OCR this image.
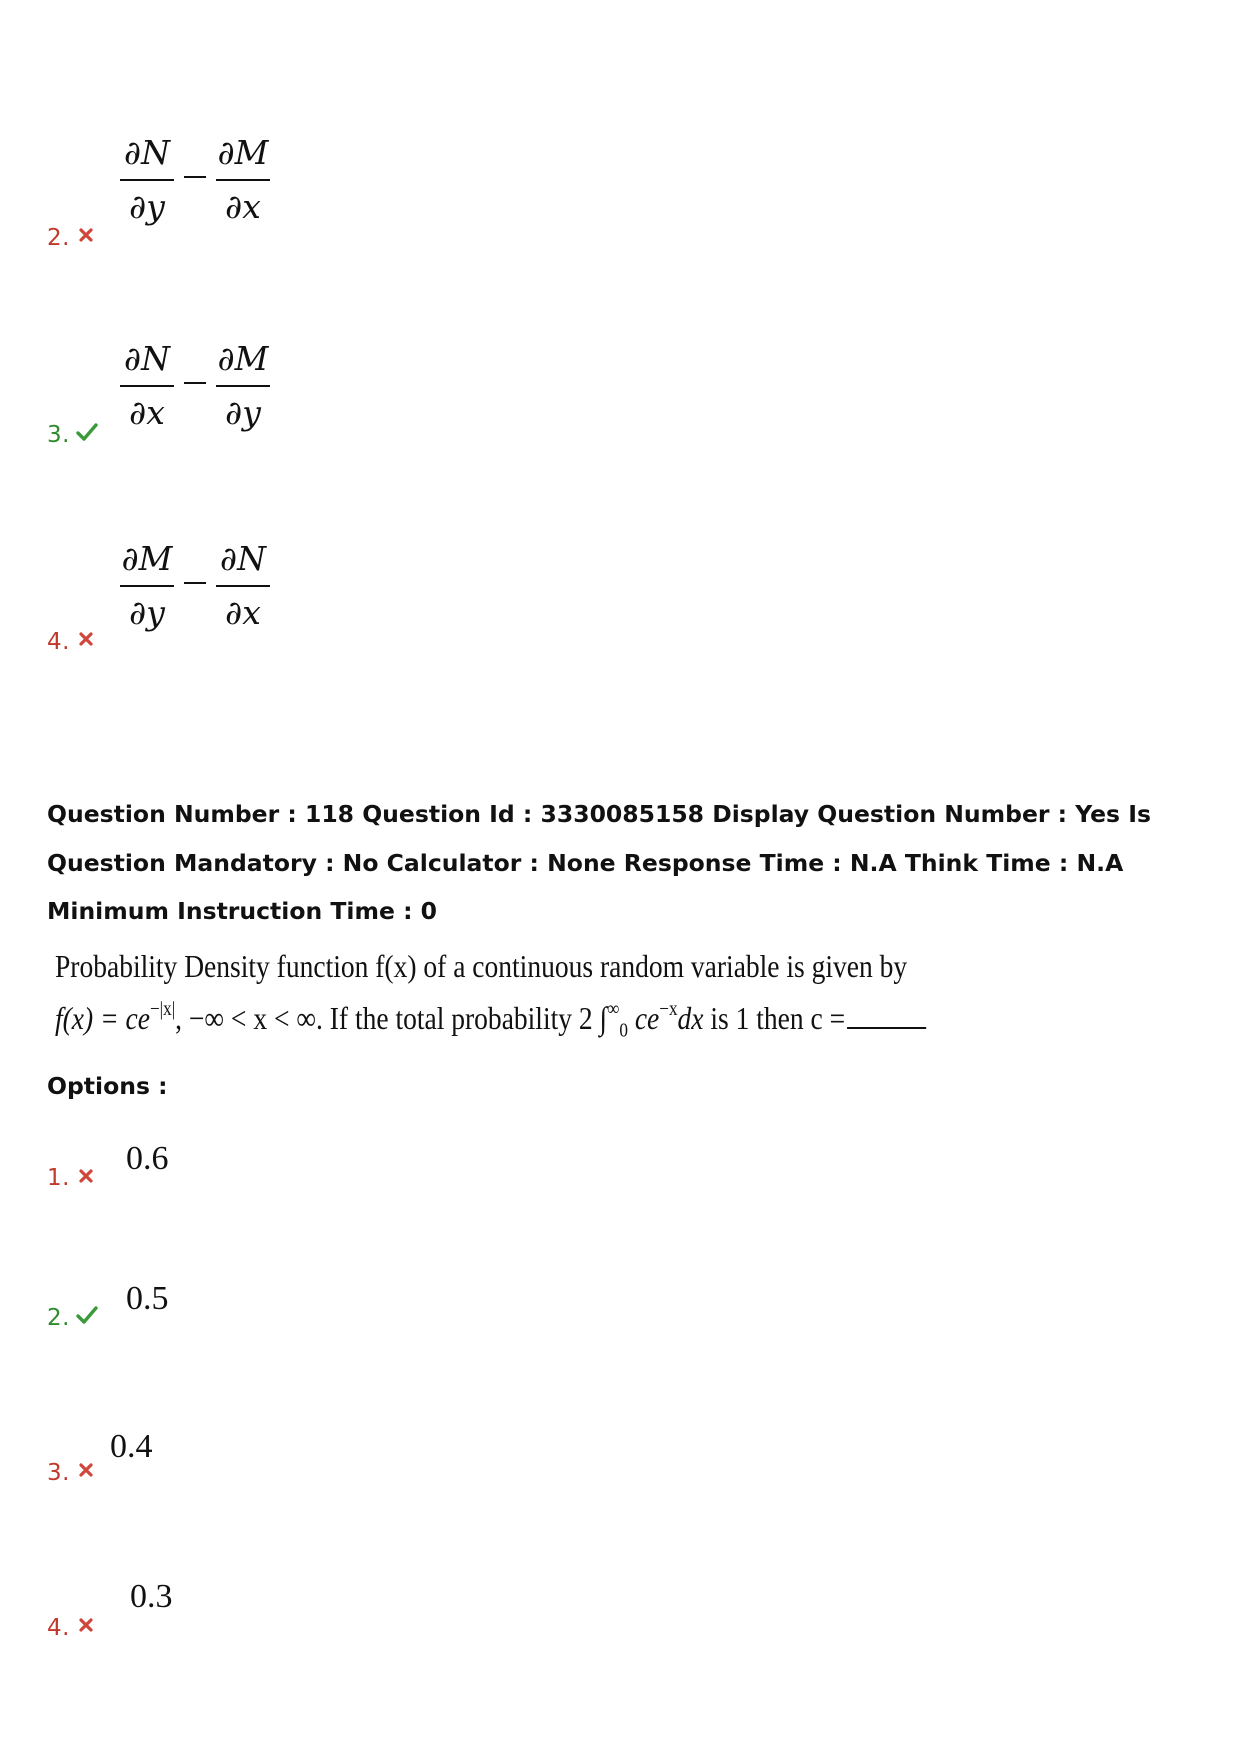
∂N
∂y
∂M
∂x
2.
∂N
∂x
∂M
∂y
3.
∂M
∂y
∂N
∂x
4.
Question Number : 118 Question Id : 3330085158 Display Question Number : Yes Is Question Mandatory : No Calculator : None Response Time : N.A Think Time : N.A Minimum Instruction Time : 0
Probability Density function f(x) of a continuous random variable is given by
$f(x) = ce^{-|x|}$, −∞ < x < ∞. If the total probability 2 $\int^\infty_0$ $ce^{-x}dx$ is 1 then c =
Options :
1.
0.6
2.
0.5
3.
0.4
4.
0.3
